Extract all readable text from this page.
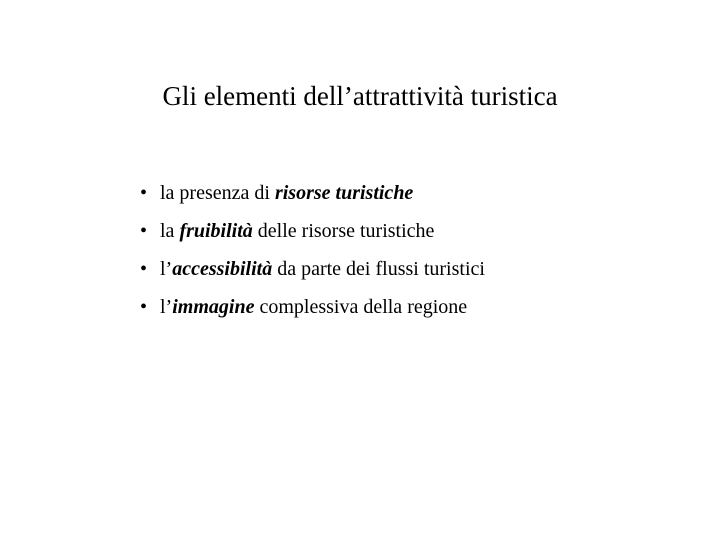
Gli elementi dell’attrattività turistica
• la presenza di risorse turistiche
• la fruibilità delle risorse turistiche
• l’accessibilità da parte dei flussi turistici
• l’immagine complessiva della regione
